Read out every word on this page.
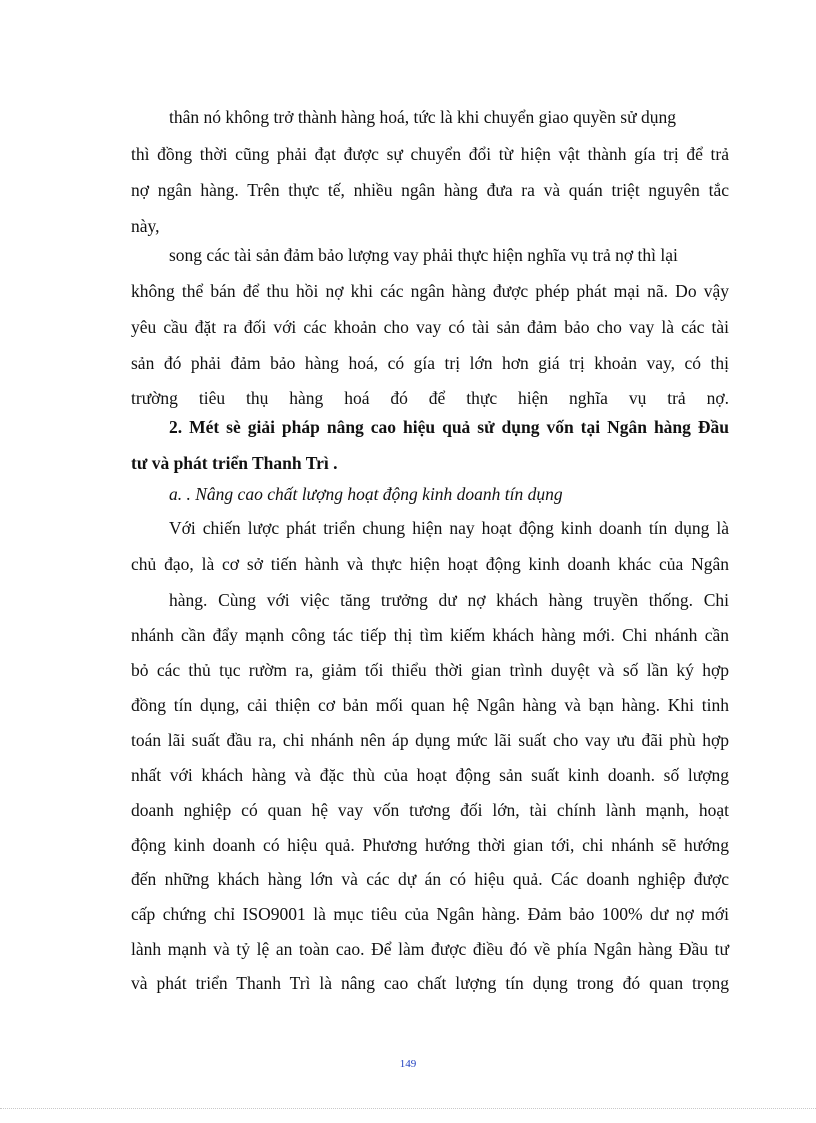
thân nó không trở thành hàng hoá, tức là khi chuyển giao quyền sử dụng
thì đồng thời cũng phải đạt được sự chuyển đổi từ hiện vật thành gía trị để trả
nợ ngân hàng. Trên thực tế, nhiều ngân hàng đưa ra và quán triệt nguyên tắc
này,
song các tài sản đảm bảo lượng vay phải thực hiện nghĩa vụ trả nợ thì lại
không thể bán để thu hồi nợ khi các ngân hàng được phép phát mại nã. Do vậy
yêu cầu đặt ra đối với các khoản cho vay có tài sản đảm bảo cho vay là các tài
sản đó phải đảm bảo hàng hoá, có gía trị lớn hơn giá trị khoản vay, có thị
trường tiêu thụ hàng hoá đó để thực hiện nghĩa vụ trả nợ.
2. Mét sè giải pháp nâng cao hiệu quả sử dụng vốn tại Ngân hàng Đầu
tư và phát triển Thanh Trì .
a. . Nâng cao chất lượng hoạt động kinh doanh tín dụng
Với chiến lược phát triển chung hiện nay hoạt động kinh doanh tín dụng là
chủ đạo, là cơ sở tiến hành và thực hiện hoạt động kinh doanh khác của Ngân
hàng. Cùng với việc tăng trưởng dư nợ khách hàng truyền thống. Chi
nhánh cần đẩy mạnh công tác tiếp thị tìm kiếm khách hàng mới. Chi nhánh cần
bỏ các thủ tục rườm ra, giảm tối thiểu thời gian trình duyệt và số lần ký hợp
đồng tín dụng, cải thiện cơ bản mối quan hệ Ngân hàng và bạn hàng. Khi tinh
toán lãi suất đầu ra, chi nhánh nên áp dụng mức lãi suất cho vay ưu đãi phù hợp
nhất với khách hàng và đặc thù của hoạt động sản suất kinh doanh. số lượng
doanh nghiệp có quan hệ vay vốn tương đối lớn, tài chính lành mạnh, hoạt
động kinh doanh có hiệu quả. Phương hướng thời gian tới, chi nhánh sẽ hướng
đến những khách hàng lớn và các dự án có hiệu quả. Các doanh nghiệp được
cấp chứng chỉ ISO9001 là mục tiêu của Ngân hàng. Đảm bảo 100% dư nợ mới
lành mạnh và tỷ lệ an toàn cao. Để làm được điều đó về phía Ngân hàng Đầu tư
và phát triển Thanh Trì là nâng cao chất lượng tín dụng trong đó quan trọng
149
